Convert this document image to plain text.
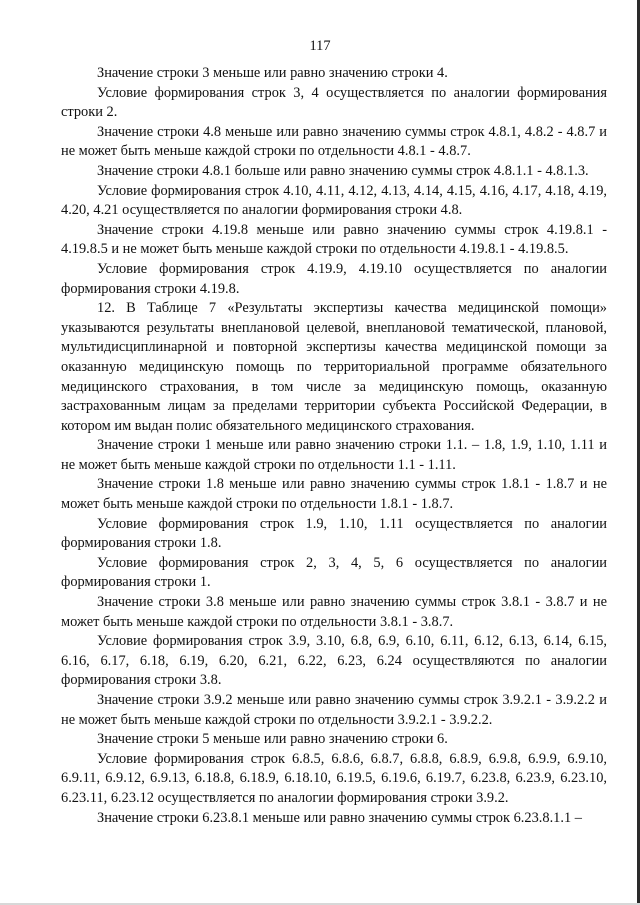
117

Значение строки 3 меньше или равно значению строки 4.

Условие формирования строк 3, 4 осуществляется по аналогии формирования строки 2.

Значение строки 4.8 меньше или равно значению суммы строк 4.8.1, 4.8.2 - 4.8.7 и не может быть меньше каждой строки по отдельности 4.8.1 - 4.8.7.

Значение строки 4.8.1 больше или равно значению суммы строк 4.8.1.1 - 4.8.1.3.

Условие формирования строк 4.10, 4.11, 4.12, 4.13, 4.14, 4.15, 4.16, 4.17, 4.18, 4.19, 4.20, 4.21 осуществляется по аналогии формирования строки 4.8.

Значение строки 4.19.8 меньше или равно значению суммы строк 4.19.8.1 - 4.19.8.5 и не может быть меньше каждой строки по отдельности 4.19.8.1 - 4.19.8.5.

Условие формирования строк 4.19.9, 4.19.10 осуществляется по аналогии формирования строки 4.19.8.

12. В Таблице 7 «Результаты экспертизы качества медицинской помощи» указываются результаты внеплановой целевой, внеплановой тематической, плановой, мультидисциплинарной и повторной экспертизы качества медицинской помощи за оказанную медицинскую помощь по территориальной программе обязательного медицинского страхования, в том числе за медицинскую помощь, оказанную застрахованным лицам за пределами территории субъекта Российской Федерации, в котором им выдан полис обязательного медицинского страхования.

Значение строки 1 меньше или равно значению строки 1.1. – 1.8, 1.9, 1.10, 1.11 и не может быть меньше каждой строки по отдельности 1.1 - 1.11.

Значение строки 1.8 меньше или равно значению суммы строк 1.8.1 - 1.8.7 и не может быть меньше каждой строки по отдельности 1.8.1 - 1.8.7.

Условие формирования строк 1.9, 1.10, 1.11 осуществляется по аналогии формирования строки 1.8.

Условие формирования строк 2, 3, 4, 5, 6 осуществляется по аналогии формирования строки 1.

Значение строки 3.8 меньше или равно значению суммы строк 3.8.1 - 3.8.7 и не может быть меньше каждой строки по отдельности 3.8.1 - 3.8.7.

Условие формирования строк 3.9, 3.10, 6.8, 6.9, 6.10, 6.11, 6.12, 6.13, 6.14, 6.15, 6.16, 6.17, 6.18, 6.19, 6.20, 6.21, 6.22, 6.23, 6.24 осуществляются по аналогии формирования строки 3.8.

Значение строки 3.9.2 меньше или равно значению суммы строк 3.9.2.1 - 3.9.2.2 и не может быть меньше каждой строки по отдельности 3.9.2.1 - 3.9.2.2.

Значение строки 5 меньше или равно значению строки 6.

Условие формирования строк 6.8.5, 6.8.6, 6.8.7, 6.8.8, 6.8.9, 6.9.8, 6.9.9, 6.9.10, 6.9.11, 6.9.12, 6.9.13, 6.18.8, 6.18.9, 6.18.10, 6.19.5, 6.19.6, 6.19.7, 6.23.8, 6.23.9, 6.23.10, 6.23.11, 6.23.12 осуществляется по аналогии формирования строки 3.9.2.

Значение строки 6.23.8.1 меньше или равно значению суммы строк 6.23.8.1.1 –
